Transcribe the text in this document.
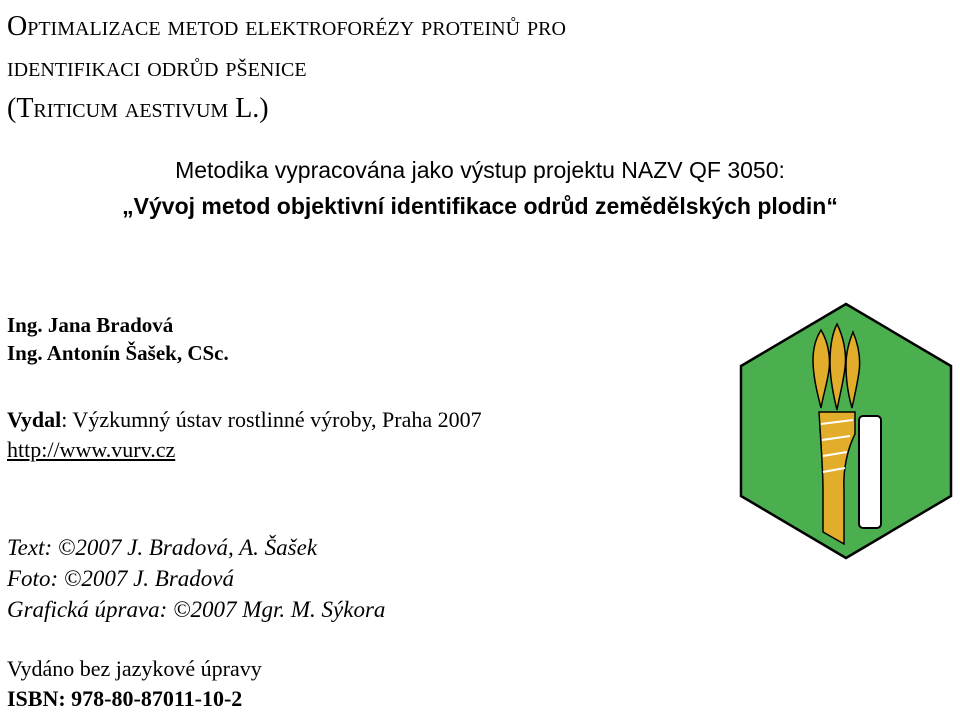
Optimalizace metod elektroforézy proteinů pro
identifikaci odrůd pšenice
(Triticum aestivum L.)
Metodika vypracována jako výstup projektu NAZV QF 3050:
„Vývoj metod objektivní identifikace odrůd zemědělských plodin“
Ing. Jana Bradová
Ing. Antonín Šašek, CSc.
Vydal: Výzkumný ústav rostlinné výroby, Praha 2007
http://www.vurv.cz
Text: ©2007 J. Bradová, A. Šašek
Foto: ©2007 J. Bradová
Grafická úprava: ©2007 Mgr. M. Sýkora
Vydáno bez jazykové úpravy
ISBN: 978-80-87011-10-2
